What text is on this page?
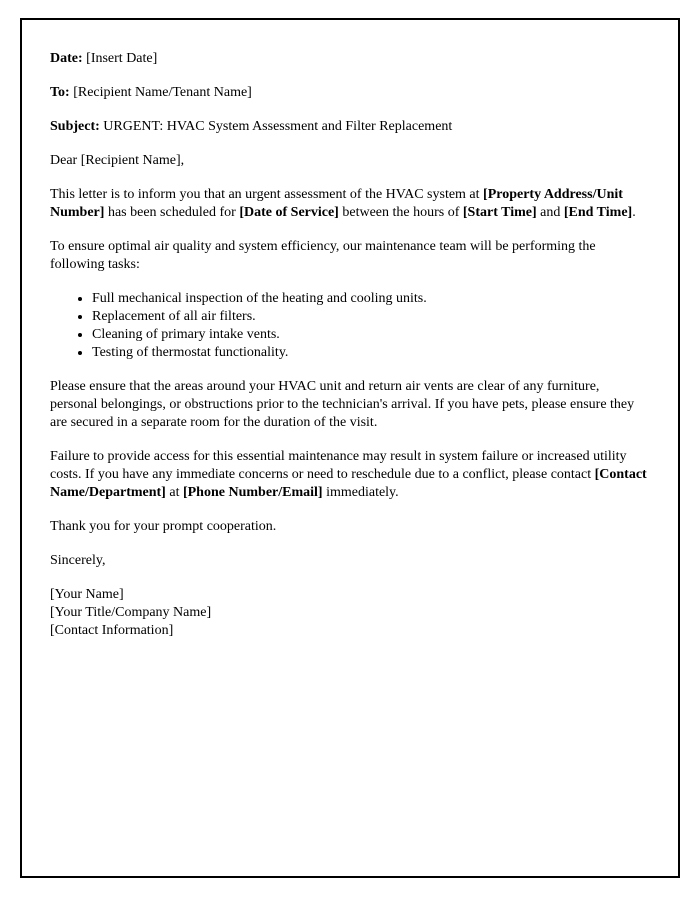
Date: [Insert Date]

To: [Recipient Name/Tenant Name]

Subject: URGENT: HVAC System Assessment and Filter Replacement

Dear [Recipient Name],

This letter is to inform you that an urgent assessment of the HVAC system at [Property Address/Unit Number] has been scheduled for [Date of Service] between the hours of [Start Time] and [End Time].

To ensure optimal air quality and system efficiency, our maintenance team will be performing the following tasks:

• Full mechanical inspection of the heating and cooling units.
• Replacement of all air filters.
• Cleaning of primary intake vents.
• Testing of thermostat functionality.

Please ensure that the areas around your HVAC unit and return air vents are clear of any furniture, personal belongings, or obstructions prior to the technician's arrival. If you have pets, please ensure they are secured in a separate room for the duration of the visit.

Failure to provide access for this essential maintenance may result in system failure or increased utility costs. If you have any immediate concerns or need to reschedule due to a conflict, please contact [Contact Name/Department] at [Phone Number/Email] immediately.

Thank you for your prompt cooperation.

Sincerely,

[Your Name]

[Your Title/Company Name]

[Contact Information]
